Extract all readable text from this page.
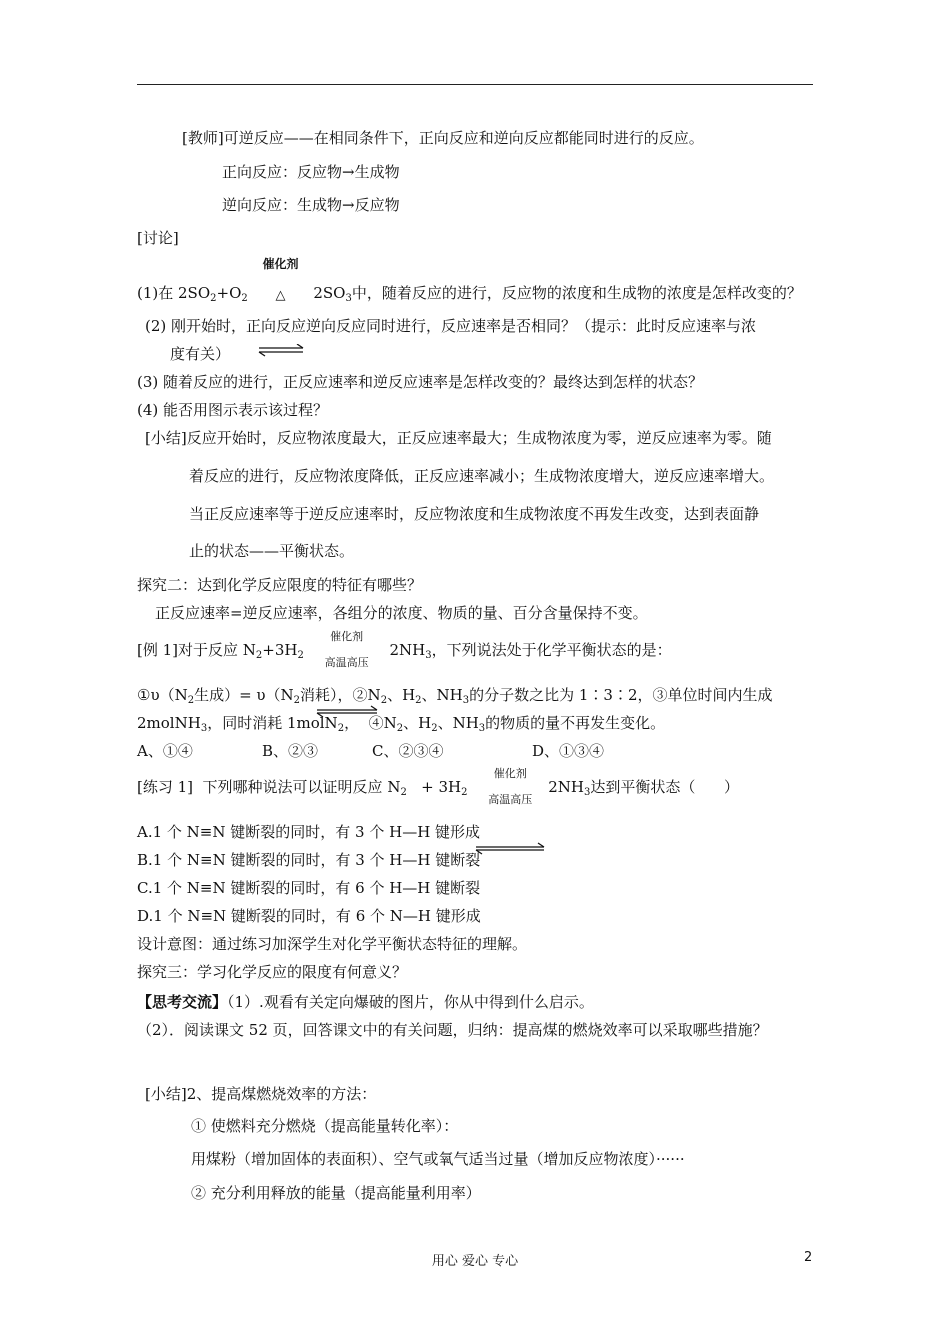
[教师]可逆反应——在相同条件下，正向反应和逆向反应都能同时进行的反应。
正向反应：反应物→生成物
逆向反应：生成物→反应物
[讨论]
(1)在 $2SO_2+O_2$

催化剂

△	$2SO_3$中，随着反应的进行，反应物的浓度和生成物的浓度是怎样改变的？
(2) 刚开始时，正向反应逆向反应同时进行，反应速率是否相同？（提示：此时反应速率与浓
度有关）
(3) 随着反应的进行，正反应速率和逆反应速率是怎样改变的？最终达到怎样的状态？
(4) 能否用图示表示该过程？
[小结]反应开始时，反应物浓度最大，正反应速率最大；生成物浓度为零，逆反应速率为零。随
着反应的进行，反应物浓度降低，正反应速率减小；生成物浓度增大，逆反应速率增大。
当正反应速率等于逆反应速率时，反应物浓度和生成物浓度不再发生改变，达到表面静
止的状态——平衡状态。
探究二：达到化学反应限度的特征有哪些？
正反应速率=逆反应速率，各组分的浓度、物质的量、百分含量保持不变。
[例 1]对于反应 $N_2+3H_2$

催化剂

高温高压

$2NH_3$，下列说法处于化学平衡状态的是：
$①\upsilon(N_2$生成）= $\upsilon(N_2$消耗），$②N_2$、$H_2$、$NH_3$的分子数之比为 1∶3∶2，③单位时间内生成
2molNH$_3$，同时消耗 1molN$_2$，  $④N_2$、$H_2$、$NH_3$的物质的量不再发生变化。
A、①④	B、②③	C、②③④	D、①③④
[练习 1]  下列哪种说法可以证明反应 $N_2 + 3H_2$

催化剂

高温高压

$2NH_3$达到平衡状态（      ）
A.1 个 N≡N 键断裂的同时，有 3 个 H—H 键形成
B.1 个 N≡N 键断裂的同时，有 3 个 H—H 键断裂
C.1 个 N≡N 键断裂的同时，有 6 个 H—H 键断裂
D.1 个 N≡N 键断裂的同时，有 6 个 N—H 键形成
设计意图：通过练习加深学生对化学平衡状态特征的理解。
探究三：学习化学反应的限度有何意义？
【思考交流】（1）.观看有关定向爆破的图片，你从中得到什么启示。
（2）．阅读课文 52 页，回答课文中的有关问题，归纳：提高煤的燃烧效率可以采取哪些措施？
[小结]2、提高煤燃烧效率的方法：
① 使燃料充分燃烧（提高能量转化率）：
用煤粉（增加固体的表面积）、空气或氧气适当过量（增加反应物浓度）······
② 充分利用释放的能量（提高能量利用率）
用心 爱心 专心	2
